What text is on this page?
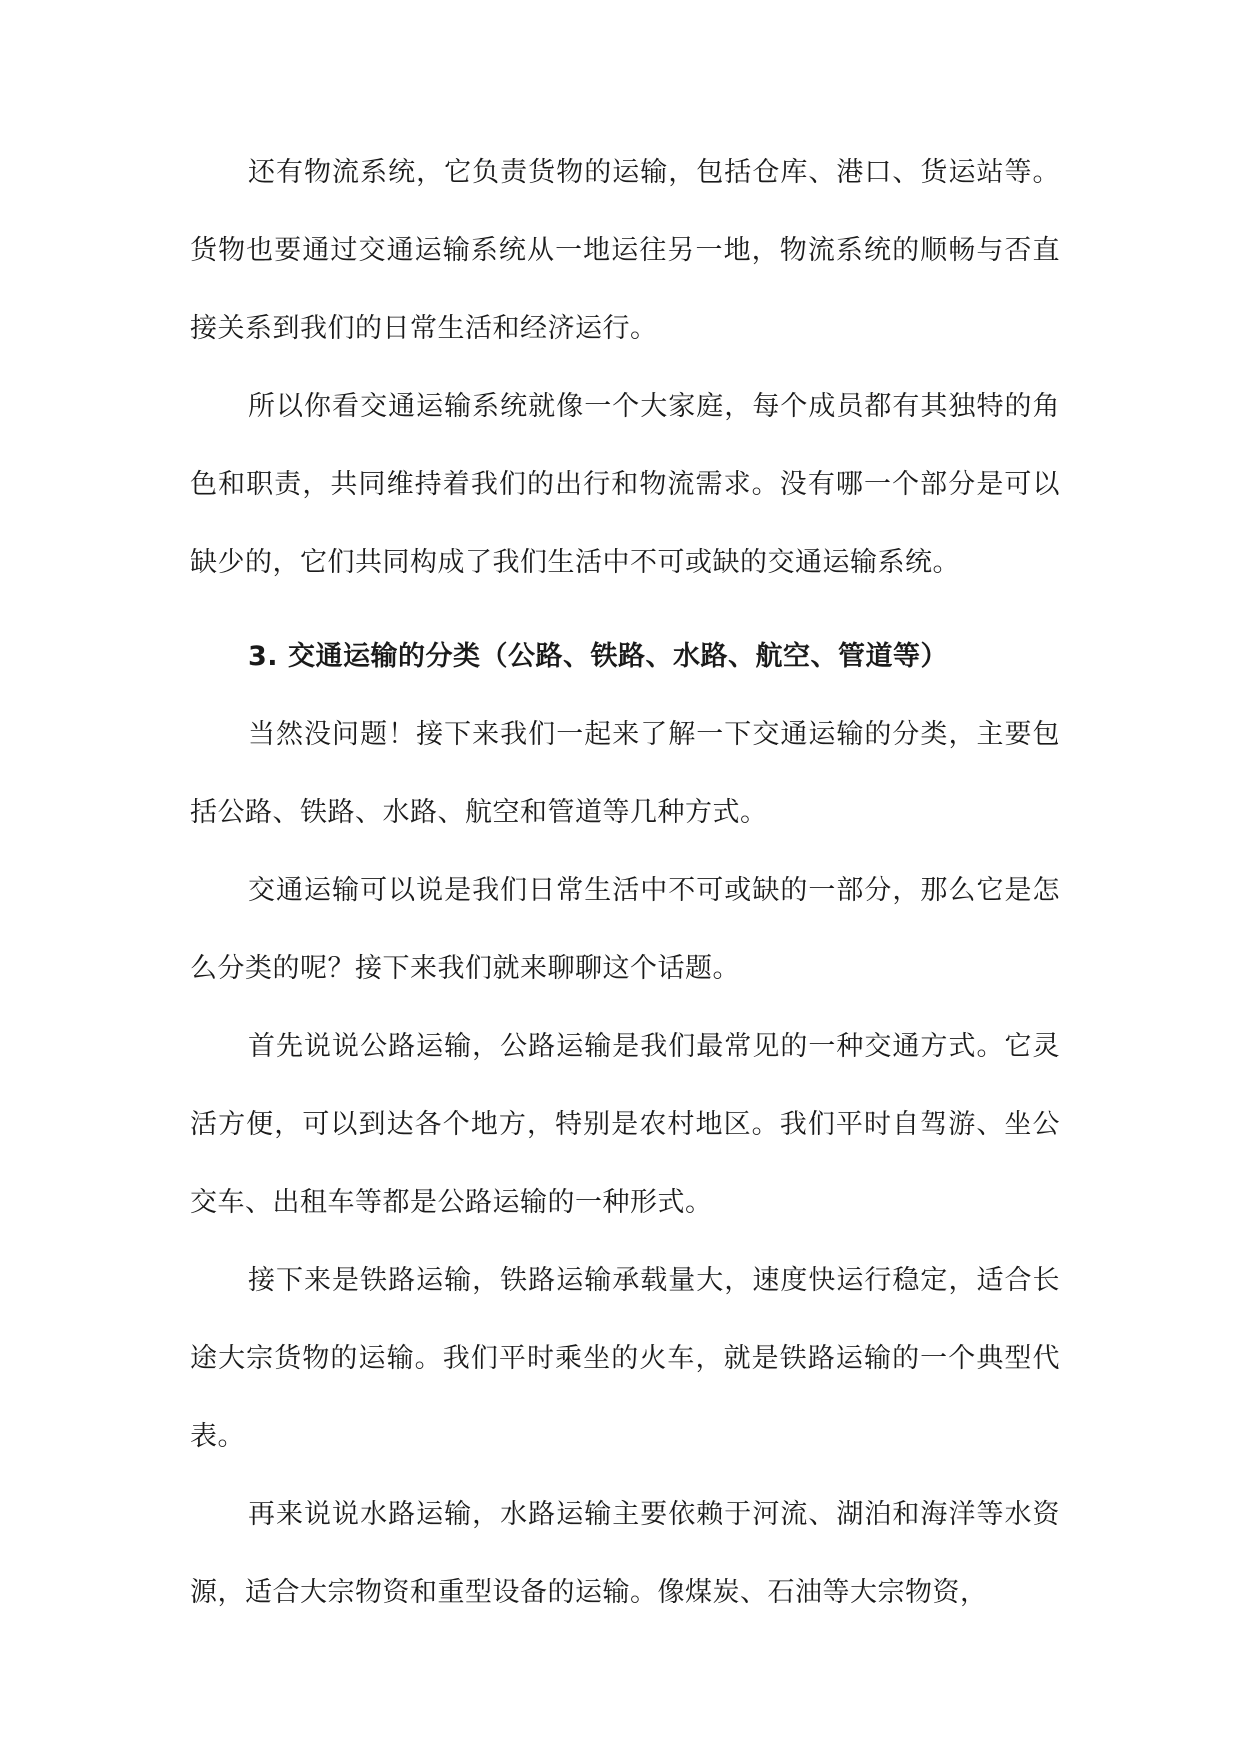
还有物流系统，它负责货物的运输，包括仓库、港口、货运站等。货物也要通过交通运输系统从一地运往另一地，物流系统的顺畅与否直接关系到我们的日常生活和经济运行。

所以你看交通运输系统就像一个大家庭，每个成员都有其独特的角色和职责，共同维持着我们的出行和物流需求。没有哪一个部分是可以缺少的，它们共同构成了我们生活中不可或缺的交通运输系统。

3. 交通运输的分类（公路、铁路、水路、航空、管道等）

当然没问题！接下来我们一起来了解一下交通运输的分类，主要包括公路、铁路、水路、航空和管道等几种方式。

交通运输可以说是我们日常生活中不可或缺的一部分，那么它是怎么分类的呢？接下来我们就来聊聊这个话题。

首先说说公路运输，公路运输是我们最常见的一种交通方式。它灵活方便，可以到达各个地方，特别是农村地区。我们平时自驾游、坐公交车、出租车等都是公路运输的一种形式。

接下来是铁路运输，铁路运输承载量大，速度快运行稳定，适合长途大宗货物的运输。我们平时乘坐的火车，就是铁路运输的一个典型代表。

再来说说水路运输，水路运输主要依赖于河流、湖泊和海洋等水资源，适合大宗物资和重型设备的运输。像煤炭、石油等大宗物资，
